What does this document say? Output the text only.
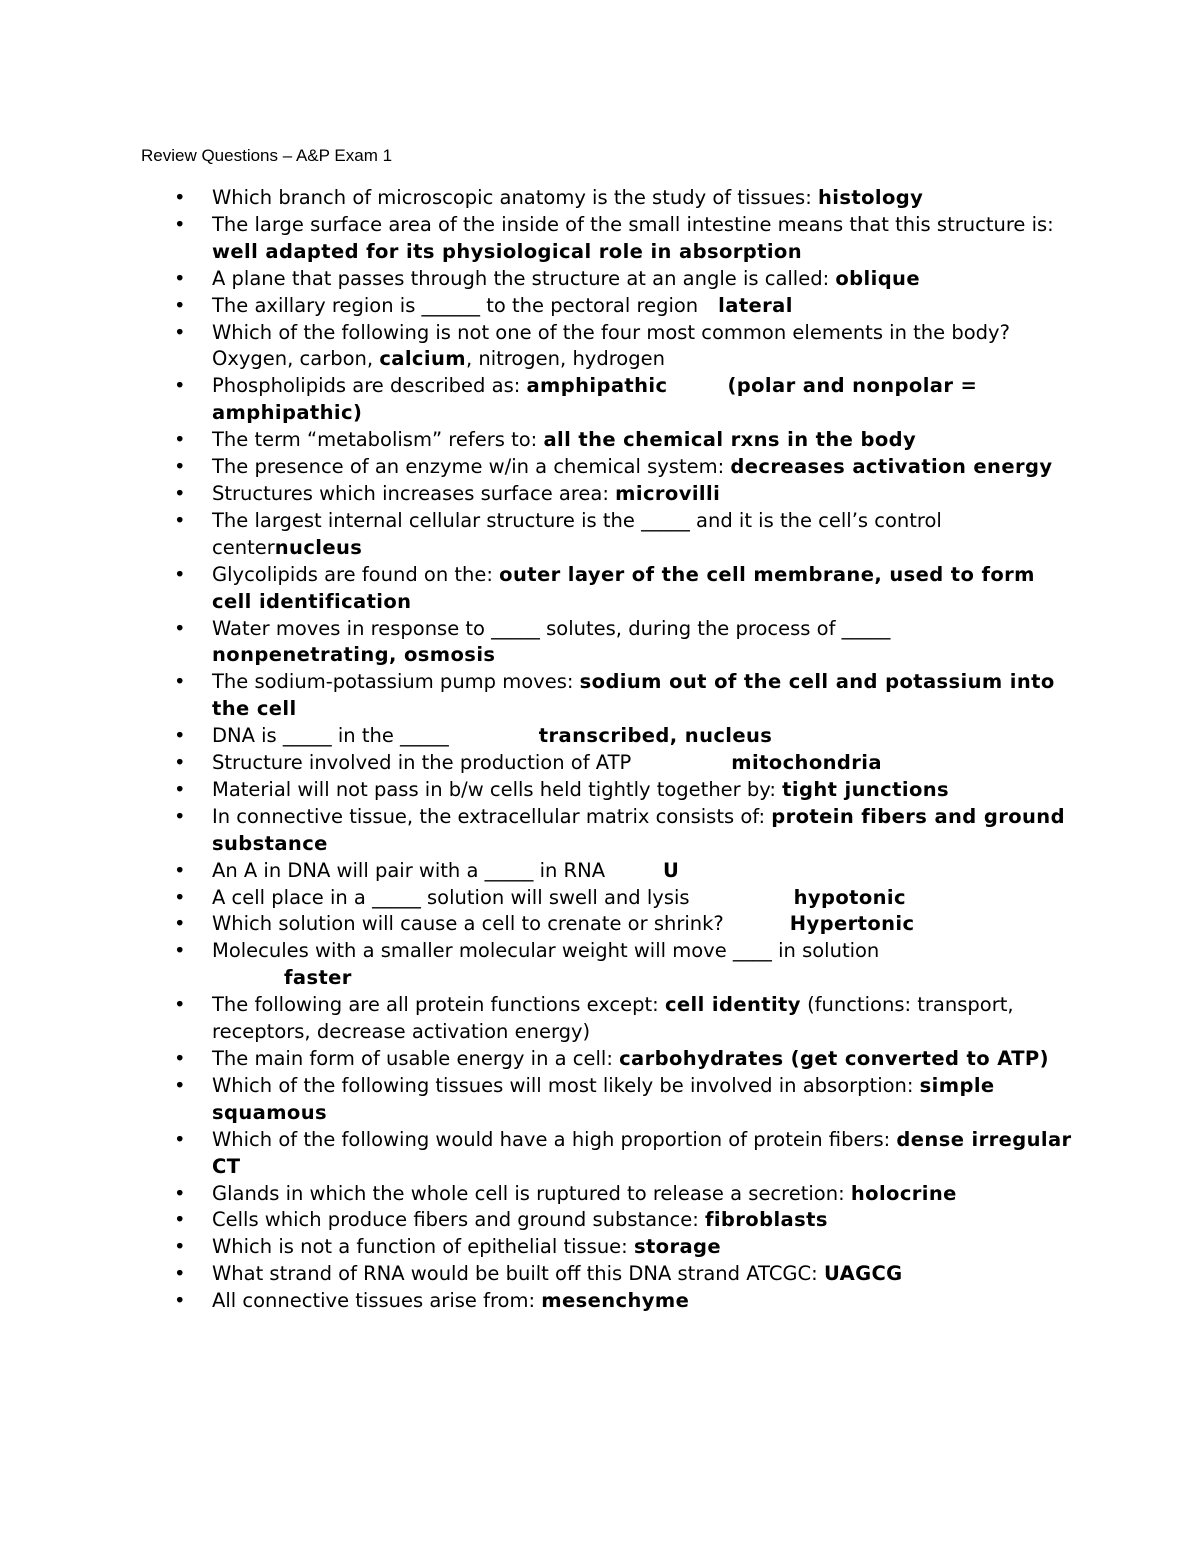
Review Questions – A&P Exam 1
• Which branch of microscopic anatomy is the study of tissues: histology
• The large surface area of the inside of the small intestine means that this structure is: well adapted for its physiological role in absorption
• A plane that passes through the structure at an angle is called: oblique
• The axillary region is ______ to the pectoral region lateral
• Which of the following is not one of the four most common elements in the body? Oxygen, carbon, calcium, nitrogen, hydrogen
• Phospholipids are described as: amphipathic	(polar and nonpolar = amphipathic)
• The term “metabolism” refers to: all the chemical rxns in the body
• The presence of an enzyme w/in a chemical system: decreases activation energy
• Structures which increases surface area: microvilli
• The largest internal cellular structure is the _____ and it is the cell’s control centernucleus
• Glycolipids are found on the: outer layer of the cell membrane, used to form cell identification
• Water moves in response to _____ solutes, during the process of _____ nonpenetrating, osmosis
• The sodium-potassium pump moves: sodium out of the cell and potassium into the cell
• DNA is _____ in the _____	transcribed, nucleus
• Structure involved in the production of ATP	mitochondria
• Material will not pass in b/w cells held tightly together by: tight junctions
• In connective tissue, the extracellular matrix consists of: protein fibers and ground substance
• An A in DNA will pair with a _____ in RNA	U
• A cell place in a _____ solution will swell and lysis	hypotonic
• Which solution will cause a cell to crenate or shrink?	Hypertonic
• Molecules with a smaller molecular weight will move ____ in solution
faster
• The following are all protein functions except: cell identity (functions: transport, receptors, decrease activation energy)
• The main form of usable energy in a cell: carbohydrates (get converted to ATP)
• Which of the following tissues will most likely be involved in absorption: simple squamous
• Which of the following would have a high proportion of protein fibers: dense irregular CT
• Glands in which the whole cell is ruptured to release a secretion: holocrine
• Cells which produce fibers and ground substance: fibroblasts
• Which is not a function of epithelial tissue: storage
• What strand of RNA would be built off this DNA strand ATCGC: UAGCG
• All connective tissues arise from: mesenchyme
